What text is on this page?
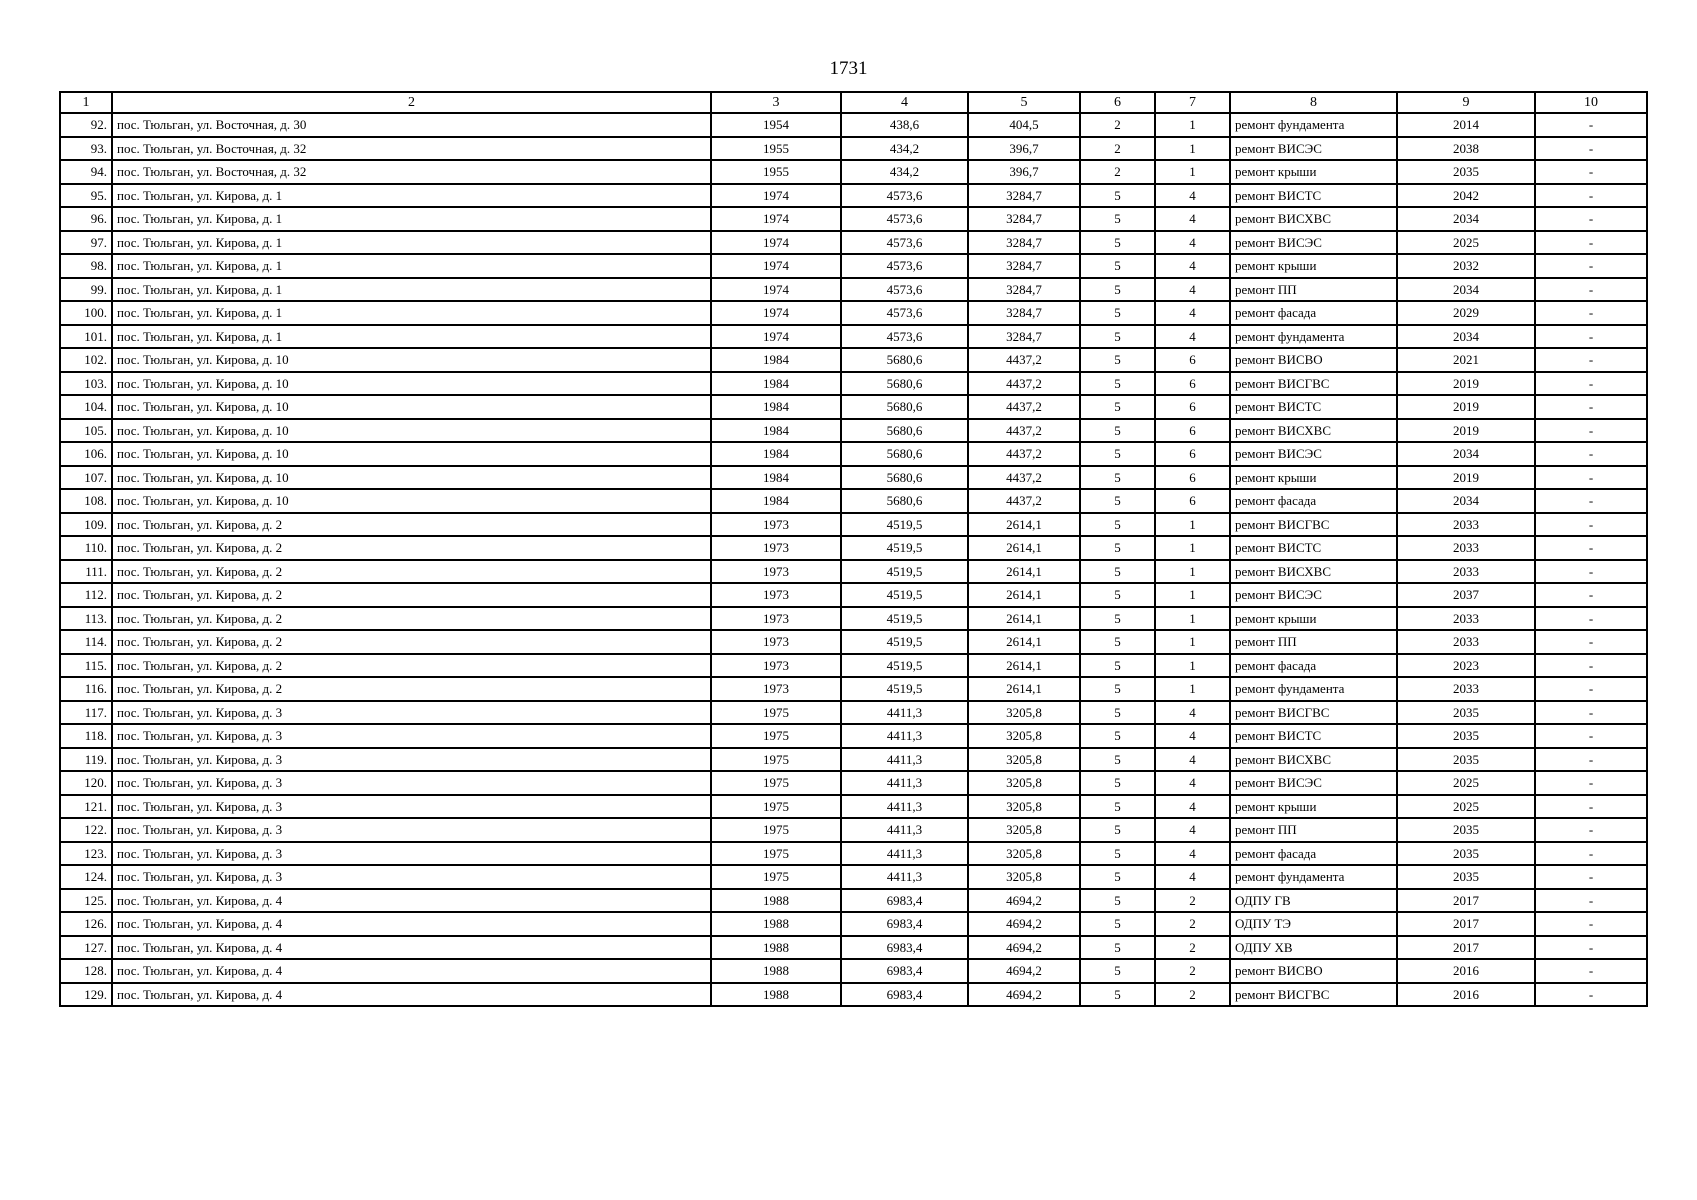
1731
1	2	3	4	5	6	7	8	9	10
92.	пос. Тюльган, ул. Восточная, д. 30	1954	438,6	404,5	2	1	ремонт фундамента	2014	-
93.	пос. Тюльган, ул. Восточная, д. 32	1955	434,2	396,7	2	1	ремонт ВИСЭС	2038	-
94.	пос. Тюльган, ул. Восточная, д. 32	1955	434,2	396,7	2	1	ремонт крыши	2035	-
95.	пос. Тюльган, ул. Кирова, д. 1	1974	4573,6	3284,7	5	4	ремонт ВИСТС	2042	-
96.	пос. Тюльган, ул. Кирова, д. 1	1974	4573,6	3284,7	5	4	ремонт ВИСХВС	2034	-
97.	пос. Тюльган, ул. Кирова, д. 1	1974	4573,6	3284,7	5	4	ремонт ВИСЭС	2025	-
98.	пос. Тюльган, ул. Кирова, д. 1	1974	4573,6	3284,7	5	4	ремонт крыши	2032	-
99.	пос. Тюльган, ул. Кирова, д. 1	1974	4573,6	3284,7	5	4	ремонт ПП	2034	-
100.	пос. Тюльган, ул. Кирова, д. 1	1974	4573,6	3284,7	5	4	ремонт фасада	2029	-
101.	пос. Тюльган, ул. Кирова, д. 1	1974	4573,6	3284,7	5	4	ремонт фундамента	2034	-
102.	пос. Тюльган, ул. Кирова, д. 10	1984	5680,6	4437,2	5	6	ремонт ВИСВО	2021	-
103.	пос. Тюльган, ул. Кирова, д. 10	1984	5680,6	4437,2	5	6	ремонт ВИСГВС	2019	-
104.	пос. Тюльган, ул. Кирова, д. 10	1984	5680,6	4437,2	5	6	ремонт ВИСТС	2019	-
105.	пос. Тюльган, ул. Кирова, д. 10	1984	5680,6	4437,2	5	6	ремонт ВИСХВС	2019	-
106.	пос. Тюльган, ул. Кирова, д. 10	1984	5680,6	4437,2	5	6	ремонт ВИСЭС	2034	-
107.	пос. Тюльган, ул. Кирова, д. 10	1984	5680,6	4437,2	5	6	ремонт крыши	2019	-
108.	пос. Тюльган, ул. Кирова, д. 10	1984	5680,6	4437,2	5	6	ремонт фасада	2034	-
109.	пос. Тюльган, ул. Кирова, д. 2	1973	4519,5	2614,1	5	1	ремонт ВИСГВС	2033	-
110.	пос. Тюльган, ул. Кирова, д. 2	1973	4519,5	2614,1	5	1	ремонт ВИСТС	2033	-
111.	пос. Тюльган, ул. Кирова, д. 2	1973	4519,5	2614,1	5	1	ремонт ВИСХВС	2033	-
112.	пос. Тюльган, ул. Кирова, д. 2	1973	4519,5	2614,1	5	1	ремонт ВИСЭС	2037	-
113.	пос. Тюльган, ул. Кирова, д. 2	1973	4519,5	2614,1	5	1	ремонт крыши	2033	-
114.	пос. Тюльган, ул. Кирова, д. 2	1973	4519,5	2614,1	5	1	ремонт ПП	2033	-
115.	пос. Тюльган, ул. Кирова, д. 2	1973	4519,5	2614,1	5	1	ремонт фасада	2023	-
116.	пос. Тюльган, ул. Кирова, д. 2	1973	4519,5	2614,1	5	1	ремонт фундамента	2033	-
117.	пос. Тюльган, ул. Кирова, д. 3	1975	4411,3	3205,8	5	4	ремонт ВИСГВС	2035	-
118.	пос. Тюльган, ул. Кирова, д. 3	1975	4411,3	3205,8	5	4	ремонт ВИСТС	2035	-
119.	пос. Тюльган, ул. Кирова, д. 3	1975	4411,3	3205,8	5	4	ремонт ВИСХВС	2035	-
120.	пос. Тюльган, ул. Кирова, д. 3	1975	4411,3	3205,8	5	4	ремонт ВИСЭС	2025	-
121.	пос. Тюльган, ул. Кирова, д. 3	1975	4411,3	3205,8	5	4	ремонт крыши	2025	-
122.	пос. Тюльган, ул. Кирова, д. 3	1975	4411,3	3205,8	5	4	ремонт ПП	2035	-
123.	пос. Тюльган, ул. Кирова, д. 3	1975	4411,3	3205,8	5	4	ремонт фасада	2035	-
124.	пос. Тюльган, ул. Кирова, д. 3	1975	4411,3	3205,8	5	4	ремонт фундамента	2035	-
125.	пос. Тюльган, ул. Кирова, д. 4	1988	6983,4	4694,2	5	2	ОДПУ ГВ	2017	-
126.	пос. Тюльган, ул. Кирова, д. 4	1988	6983,4	4694,2	5	2	ОДПУ ТЭ	2017	-
127.	пос. Тюльган, ул. Кирова, д. 4	1988	6983,4	4694,2	5	2	ОДПУ ХВ	2017	-
128.	пос. Тюльган, ул. Кирова, д. 4	1988	6983,4	4694,2	5	2	ремонт ВИСВО	2016	-
129.	пос. Тюльган, ул. Кирова, д. 4	1988	6983,4	4694,2	5	2	ремонт ВИСГВС	2016	-
